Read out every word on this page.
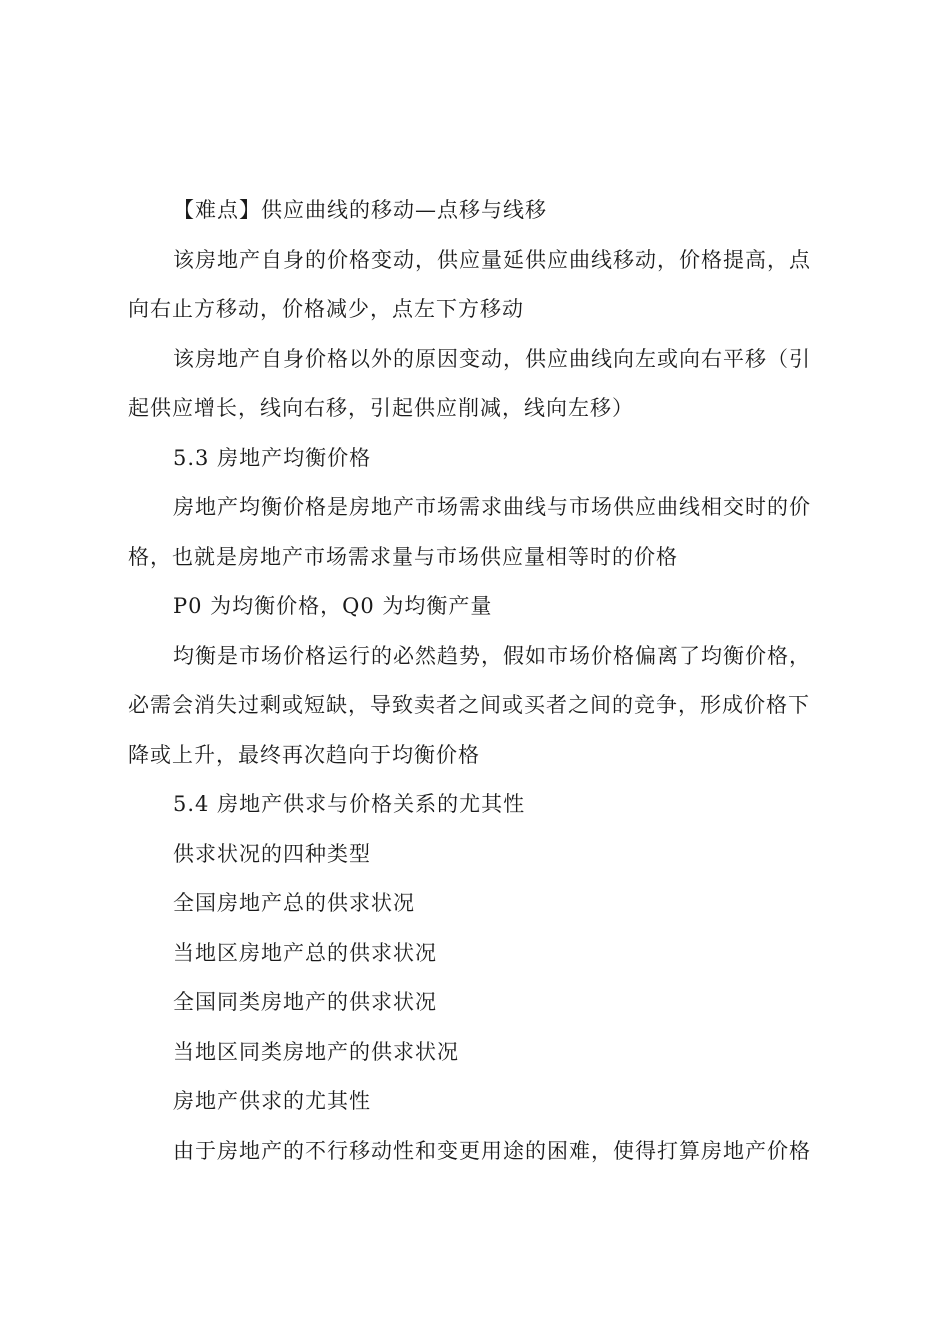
【难点】供应曲线的移动—点移与线移

该房地产自身的价格变动，供应量延供应曲线移动，价格提高，点
向右止方移动，价格减少，点左下方移动

该房地产自身价格以外的原因变动，供应曲线向左或向右平移（引
起供应增长，线向右移，引起供应削减，线向左移）

5.3 房地产均衡价格

房地产均衡价格是房地产市场需求曲线与市场供应曲线相交时的价
格，也就是房地产市场需求量与市场供应量相等时的价格

P0 为均衡价格，Q0 为均衡产量

均衡是市场价格运行的必然趋势，假如市场价格偏离了均衡价格，
必需会消失过剩或短缺，导致卖者之间或买者之间的竞争，形成价格下
降或上升，最终再次趋向于均衡价格

5.4 房地产供求与价格关系的尤其性

供求状况的四种类型

全国房地产总的供求状况

当地区房地产总的供求状况

全国同类房地产的供求状况

当地区同类房地产的供求状况

房地产供求的尤其性

由于房地产的不行移动性和变更用途的困难，使得打算房地产价格
